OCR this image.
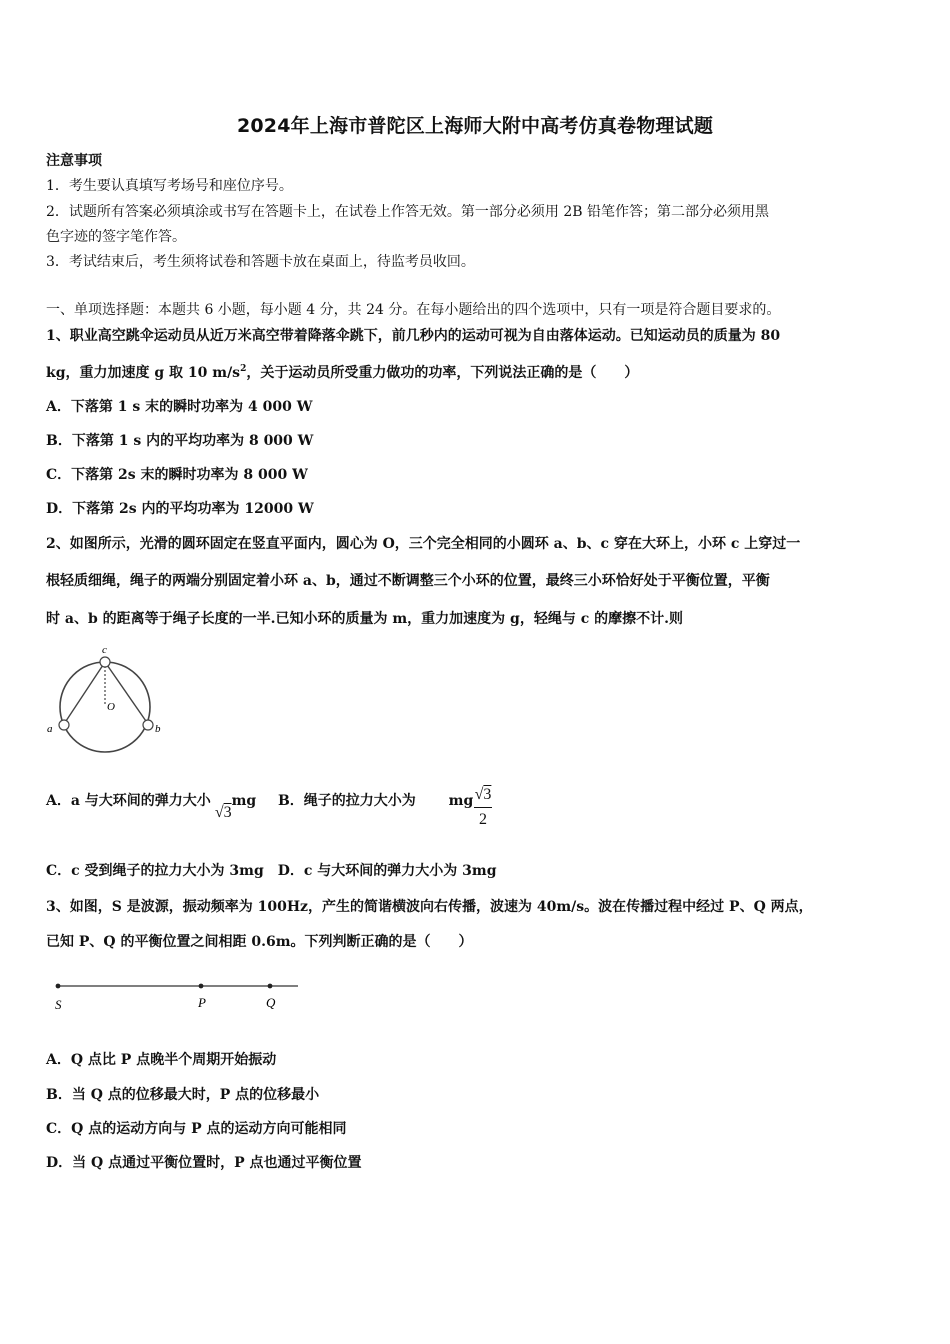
2024年上海市普陀区上海师大附中高考仿真卷物理试题
注意事项
1．考生要认真填写考场号和座位序号。
2．试题所有答案必须填涂或书写在答题卡上，在试卷上作答无效。第一部分必须用 2B 铅笔作答；第二部分必须用黑
色字迹的签字笔作答。
3．考试结束后，考生须将试卷和答题卡放在桌面上，待监考员收回。
一、单项选择题：本题共 6 小题，每小题 4 分，共 24 分。在每小题给出的四个选项中，只有一项是符合题目要求的。
1、职业高空跳伞运动员从近万米高空带着降落伞跳下，前几秒内的运动可视为自由落体运动。已知运动员的质量为 80
kg，重力加速度 g 取 10 $m/s^2$，关于运动员所受重力做功的功率，下列说法正确的是（　　）
A．下落第 1 s 末的瞬时功率为 4 000 W
B．下落第 1 s 内的平均功率为 8 000 W
C．下落第 2s 末的瞬时功率为 8 000 W
D．下落第 2s 内的平均功率为 12000 W
2、如图所示，光滑的圆环固定在竖直平面内，圆心为 O，三个完全相同的小圆环 a、b、c 穿在大环上，小环 c 上穿过一
根轻质细绳，绳子的两端分别固定着小环 a、b，通过不断调整三个小环的位置，最终三小环恰好处于平衡位置，平衡
时 a、b 的距离等于绳子长度的一半.已知小环的质量为 m，重力加速度为 g，轻绳与 c 的摩擦不计.则
c
O
a	b
A．a 与大环间的弹力大小√3mg B．绳子的拉力大小为 mg
$\frac{√3}{2}$
C．c 受到绳子的拉力大小为 3mg　D．c 与大环间的弹力大小为 3mg
3、如图，S 是波源，振动频率为 100Hz，产生的简谐横波向右传播，波速为 40m/s。波在传播过程中经过 P、Q 两点，
已知 P、Q 的平衡位置之间相距 0.6m。下列判断正确的是（　　）
S	P	Q
A．Q 点比 P 点晚半个周期开始振动
B．当 Q 点的位移最大时，P 点的位移最小
C．Q 点的运动方向与 P 点的运动方向可能相同
D．当 Q 点通过平衡位置时，P 点也通过平衡位置
